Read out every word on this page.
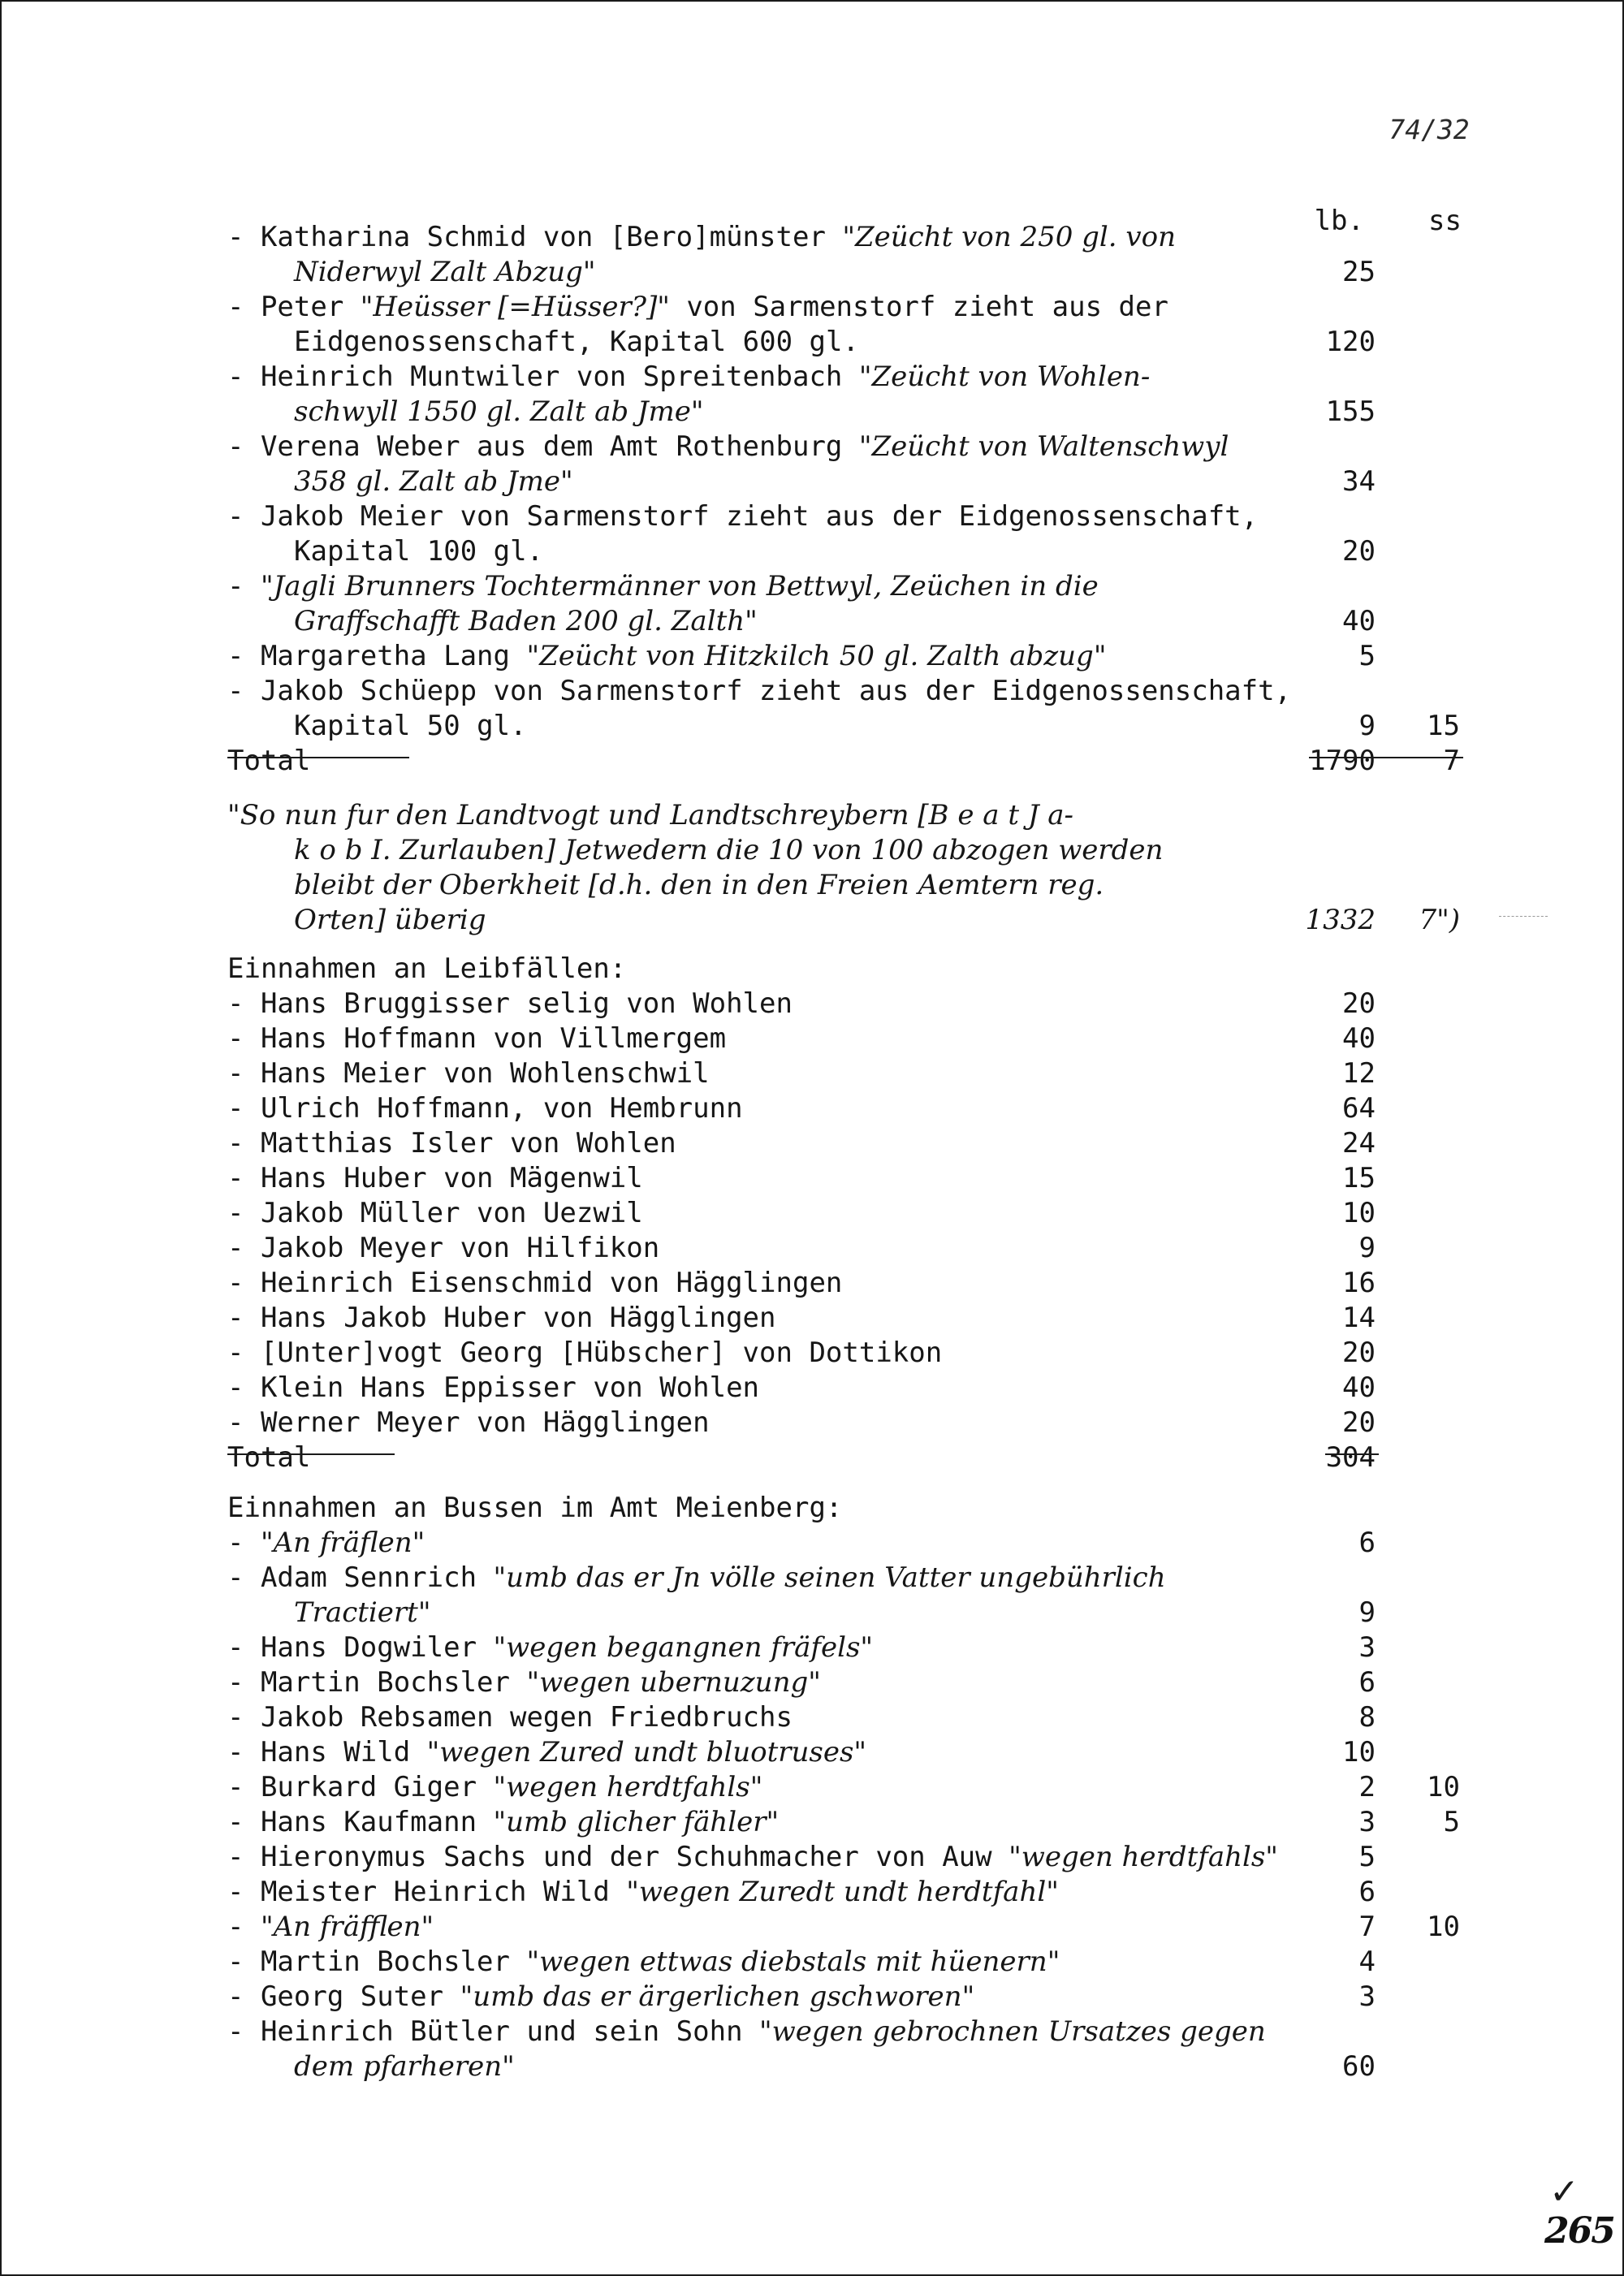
74/32
lb.	ss
- Katharina Schmid von [Bero]münster "Zeücht von 250 gl. von
Niderwyl Zalt Abzug"	25
- Peter "Heüsser [=Hüsser?]" von Sarmenstorf zieht aus der
Eidgenossenschaft, Kapital 600 gl.	120
- Heinrich Muntwiler von Spreitenbach "Zeücht von Wohlen-
schwyll 1550 gl. Zalt ab Jme"	155
- Verena Weber aus dem Amt Rothenburg "Zeücht von Waltenschwyl
358 gl. Zalt ab Jme"	34
- Jakob Meier von Sarmenstorf zieht aus der Eidgenossenschaft,
Kapital 100 gl.	20
- "Jagli Brunners Tochtermänner von Bettwyl, Zeüchen in die
Graffschafft Baden 200 gl. Zalth"	40
- Margaretha Lang "Zeücht von Hitzkilch 50 gl. Zalth abzug"	5
- Jakob Schüepp von Sarmenstorf zieht aus der Eidgenossenschaft,
Kapital 50 gl.	9	15
Total	1790	7
"So nun fur den Landtvogt und Landtschreybern [B e a t J a-
k o b I. Zurlauben] Jetwedern die 10 von 100 abzogen werden
bleibt der Oberkheit [d.h. den in den Freien Aemtern reg.
Orten] überig	1332	7")
Einnahmen an Leibfällen:
- Hans Bruggisser selig von Wohlen	20
- Hans Hoffmann von Villmergem	40
- Hans Meier von Wohlenschwil	12
- Ulrich Hoffmann, von Hembrunn	64
- Matthias Isler von Wohlen	24
- Hans Huber von Mägenwil	15
- Jakob Müller von Uezwil	10
- Jakob Meyer von Hilfikon	9
- Heinrich Eisenschmid von Hägglingen	16
- Hans Jakob Huber von Hägglingen	14
- [Unter]vogt Georg [Hübscher] von Dottikon	20
- Klein Hans Eppisser von Wohlen	40
- Werner Meyer von Hägglingen	20
Total	304
Einnahmen an Bussen im Amt Meienberg:
- "An fräflen"	6
- Adam Sennrich "umb das er Jn völle seinen Vatter ungebührlich
Tractiert"	9
- Hans Dogwiler "wegen begangnen fräfels"	3
- Martin Bochsler "wegen ubernuzung"	6
- Jakob Rebsamen wegen Friedbruchs	8
- Hans Wild "wegen Zured undt bluotruses"	10
- Burkard Giger "wegen herdtfahls"	2	10
- Hans Kaufmann "umb glicher fähler"	3	5
- Hieronymus Sachs und der Schuhmacher von Auw "wegen herdtfahls"	5
- Meister Heinrich Wild "wegen Zuredt undt herdtfahl"	6
- "An fräfflen"	7	10
- Martin Bochsler "wegen ettwas diebstals mit hüenern"	4
- Georg Suter "umb das er ärgerlichen gschworen"	3
- Heinrich Bütler und sein Sohn "wegen gebrochnen Ursatzes gegen
dem pfarheren"	60
✓
265
